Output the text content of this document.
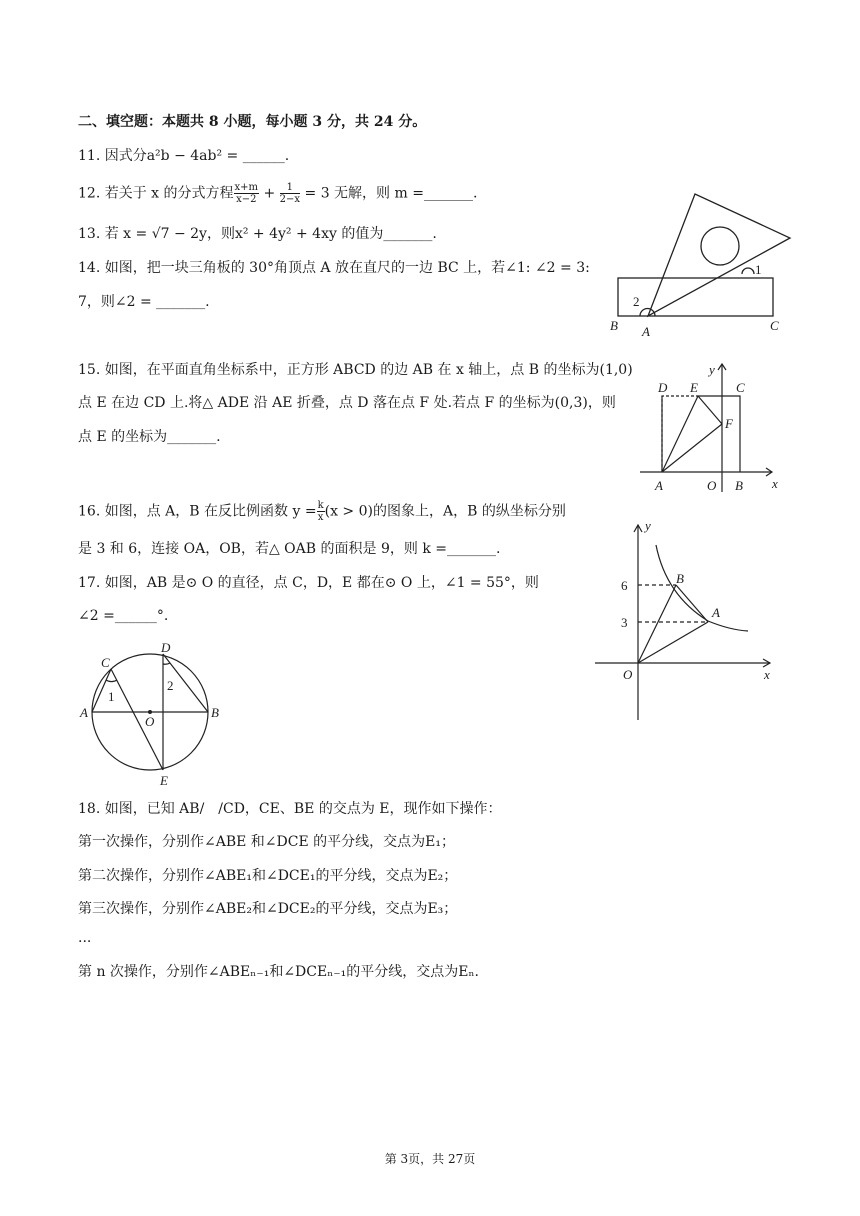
二、填空题：本题共 8 小题，每小题 3 分，共 24 分。
11. 因式分a²b − 4ab² = ______.
12. 若关于 x 的分式方程 $\frac{x+m}{x-2} + \frac{1}{2-x} = 3$ 无解，则 m =_______.
13. 若 x = √7 − 2y，则x² + 4y² + 4xy 的值为_______.
14. 如图，把一块三角板的 30°角顶点 A 放在直尺的一边 BC 上，若∠1: ∠2 = 3:
7，则∠2 = _______.
15. 如图，在平面直角坐标系中，正方形 ABCD 的边 AB 在 x 轴上，点 B 的坐标为(1,0)
点 E 在边 CD 上.将△ ADE 沿 AE 折叠，点 D 落在点 F 处.若点 F 的坐标为(0,3)，则
点 E 的坐标为_______.
16. 如图，点 A，B 在反比例函数 $y = \frac{k}{x} (x > 0)$的图象上，A，B 的纵坐标分别
是 3 和 6，连接 OA，OB，若△ OAB 的面积是 9，则 k =_______.
17. 如图，AB 是⊙ O 的直径，点 C，D，E 都在⊙ O 上，∠1 = 55°，则
∠2 =______°.
18. 如图，已知 AB/　/CD，CE、BE 的交点为 E，现作如下操作：
第一次操作，分别作∠ABE 和∠DCE 的平分线，交点为E₁；
第二次操作，分别作∠ABE₁和∠DCE₁的平分线，交点为E₂；
第三次操作，分别作∠ABE₂和∠DCE₂的平分线，交点为E₃；
...
第 n 次操作，分别作∠ABEₙ₋₁和∠DCEₙ₋₁的平分线，交点为Eₙ.
1
2
B A	C
D E
y
C
F
A	O B x
y
B
A
6
3
O	x
C
D
1
2
A
O
B
E
第 3页，共 27页
